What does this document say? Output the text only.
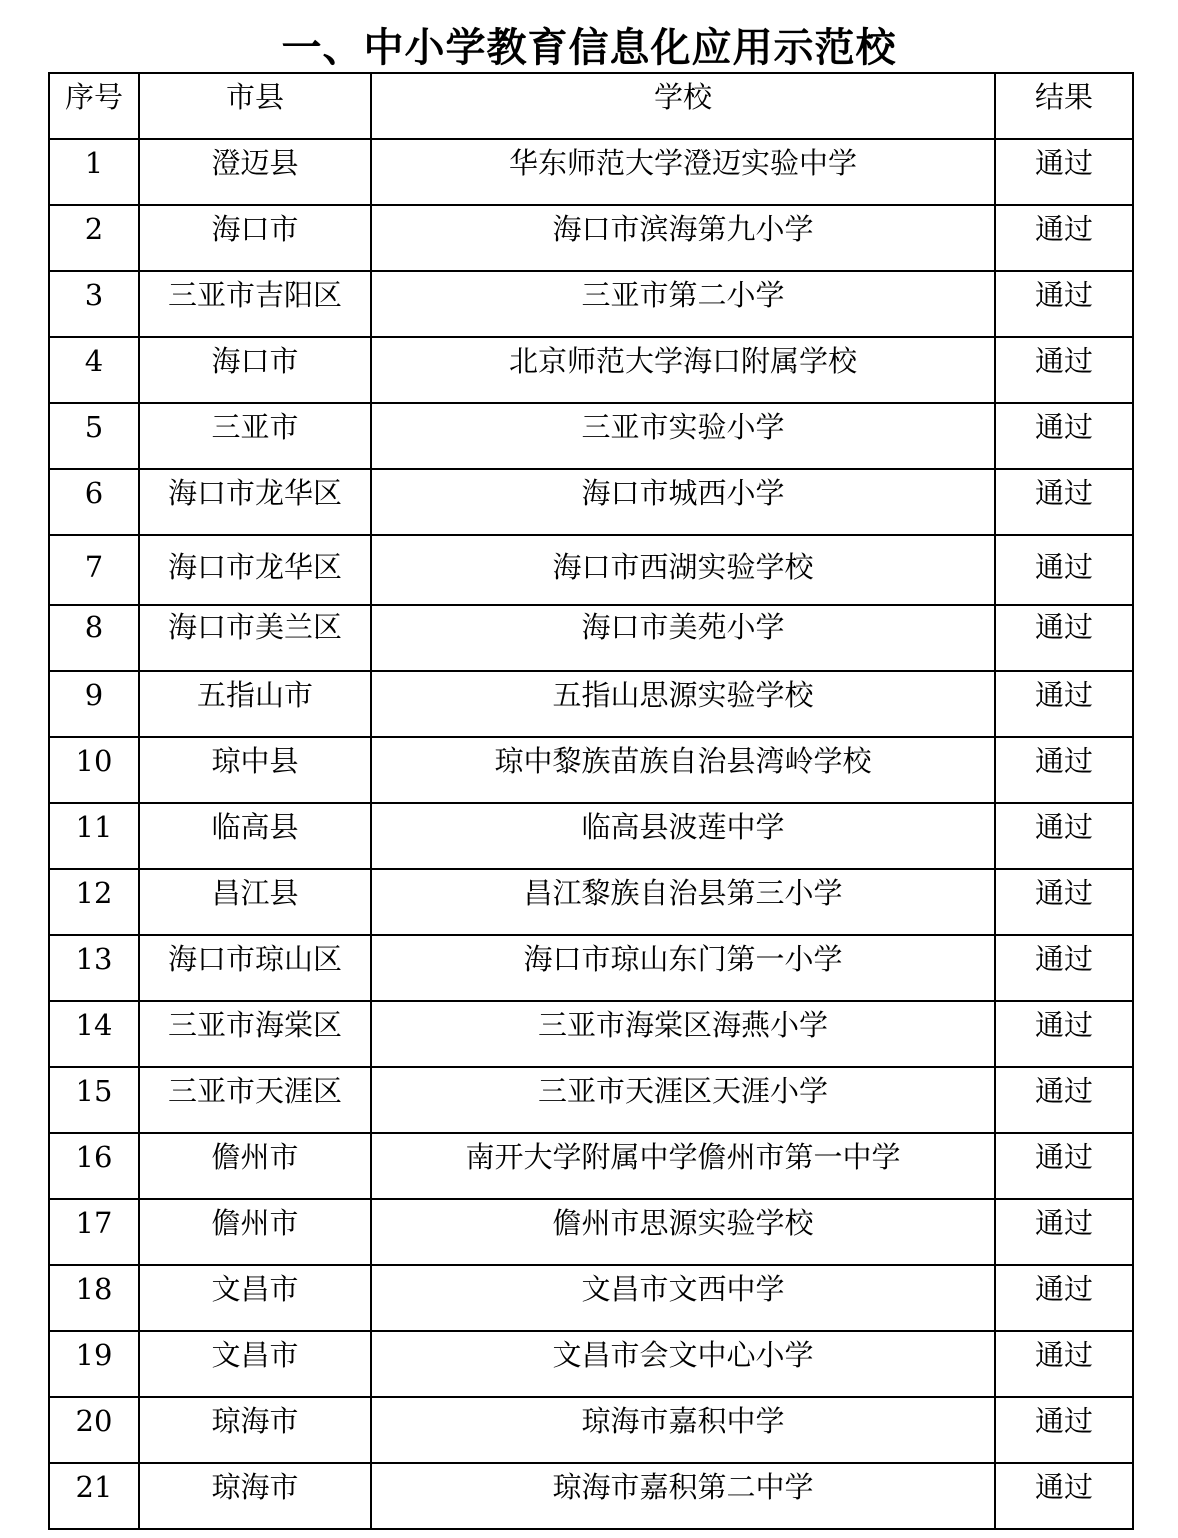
一、中小学教育信息化应用示范校
序号	市县	学校	结果
1	澄迈县	华东师范大学澄迈实验中学	通过
2	海口市	海口市滨海第九小学	通过
3	三亚市吉阳区	三亚市第二小学	通过
4	海口市	北京师范大学海口附属学校	通过
5	三亚市	三亚市实验小学	通过
6	海口市龙华区	海口市城西小学	通过
7	海口市龙华区	海口市西湖实验学校	通过
8	海口市美兰区	海口市美苑小学	通过
9	五指山市	五指山思源实验学校	通过
10	琼中县	琼中黎族苗族自治县湾岭学校	通过
11	临高县	临高县波莲中学	通过
12	昌江县	昌江黎族自治县第三小学	通过
13	海口市琼山区	海口市琼山东门第一小学	通过
14	三亚市海棠区	三亚市海棠区海燕小学	通过
15	三亚市天涯区	三亚市天涯区天涯小学	通过
16	儋州市	南开大学附属中学儋州市第一中学	通过
17	儋州市	儋州市思源实验学校	通过
18	文昌市	文昌市文西中学	通过
19	文昌市	文昌市会文中心小学	通过
20	琼海市	琼海市嘉积中学	通过
21	琼海市	琼海市嘉积第二中学	通过
